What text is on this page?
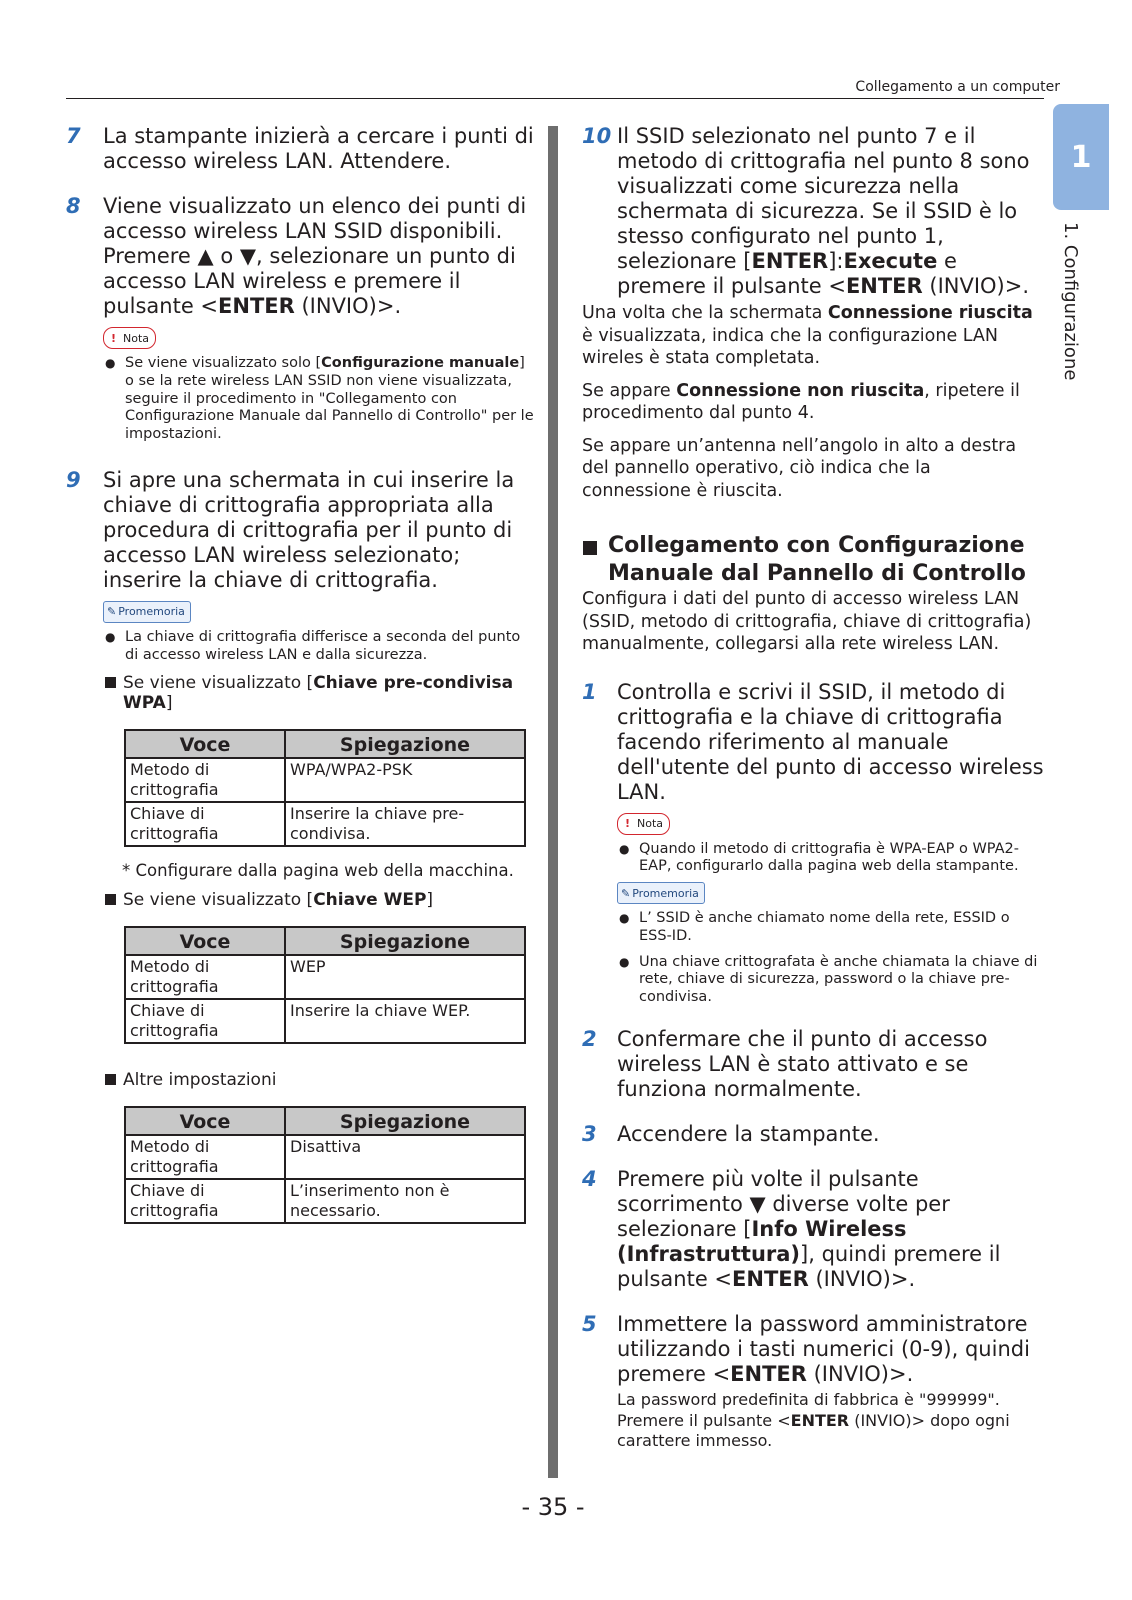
Collegamento a un computer
1
1. Configurazione
7 La stampante inizierà a cercare i punti di accesso wireless LAN. Attendere.
8 Viene visualizzato un elenco dei punti di accesso wireless LAN SSID disponibili. Premere ▲ o ▼, selezionare un punto di accesso LAN wireless e premere il pulsante <ENTER (INVIO)>.
! Nota
● Se viene visualizzato solo [Configurazione manuale] o se la rete wireless LAN SSID non viene visualizzata, seguire il procedimento in "Collegamento con Configurazione Manuale dal Pannello di Controllo" per le impostazioni.
9 Si apre una schermata in cui inserire la chiave di crittografia appropriata alla procedura di crittografia per il punto di accesso LAN wireless selezionato; inserire la chiave di crittografia.
✎ Promemoria
● La chiave di crittografia differisce a seconda del punto di accesso wireless LAN e dalla sicurezza.
Se viene visualizzato [Chiave pre-condivisa WPA]
Voce	Spiegazione
Metodo di crittografia	WPA/WPA2-PSK
Chiave di crittografia	Inserire la chiave pre-condivisa.
* Configurare dalla pagina web della macchina.
Se viene visualizzato [Chiave WEP]
Voce	Spiegazione
Metodo di crittografia	WEP
Chiave di crittografia	Inserire la chiave WEP.
Altre impostazioni
Voce	Spiegazione
Metodo di crittografia	Disattiva
Chiave di crittografia	L’inserimento non è necessario.
10 Il SSID selezionato nel punto 7 e il metodo di crittografia nel punto 8 sono visualizzati come sicurezza nella schermata di sicurezza. Se il SSID è lo stesso configurato nel punto 1, selezionare [ENTER]:Execute e premere il pulsante <ENTER (INVIO)>.
Una volta che la schermata Connessione riuscita è visualizzata, indica che la configurazione LAN wireles è stata completata.
Se appare Connessione non riuscita, ripetere il procedimento dal punto 4.
Se appare un’antenna nell’angolo in alto a destra del pannello operativo, ciò indica che la connessione è riuscita.
Collegamento con Configurazione Manuale dal Pannello di Controllo
Configura i dati del punto di accesso wireless LAN (SSID, metodo di crittografia, chiave di crittografia) manualmente, collegarsi alla rete wireless LAN.
1 Controlla e scrivi il SSID, il metodo di crittografia e la chiave di crittografia facendo riferimento al manuale dell'utente del punto di accesso wireless LAN.
! Nota
● Quando il metodo di crittografia è WPA-EAP o WPA2-EAP, configurarlo dalla pagina web della stampante.
✎ Promemoria
● L’ SSID è anche chiamato nome della rete, ESSID o ESS-ID.
● Una chiave crittografata è anche chiamata la chiave di rete, chiave di sicurezza, password o la chiave pre-condivisa.
2 Confermare che il punto di accesso wireless LAN è stato attivato e se funziona normalmente.
3 Accendere la stampante.
4 Premere più volte il pulsante scorrimento ▼ diverse volte per selezionare [Info Wireless (Infrastruttura)], quindi premere il pulsante <ENTER (INVIO)>.
5 Immettere la password amministratore utilizzando i tasti numerici (0-9), quindi premere <ENTER (INVIO)>.
La password predefinita di fabbrica è "999999". Premere il pulsante <ENTER (INVIO)> dopo ogni carattere immesso.
- 35 -
